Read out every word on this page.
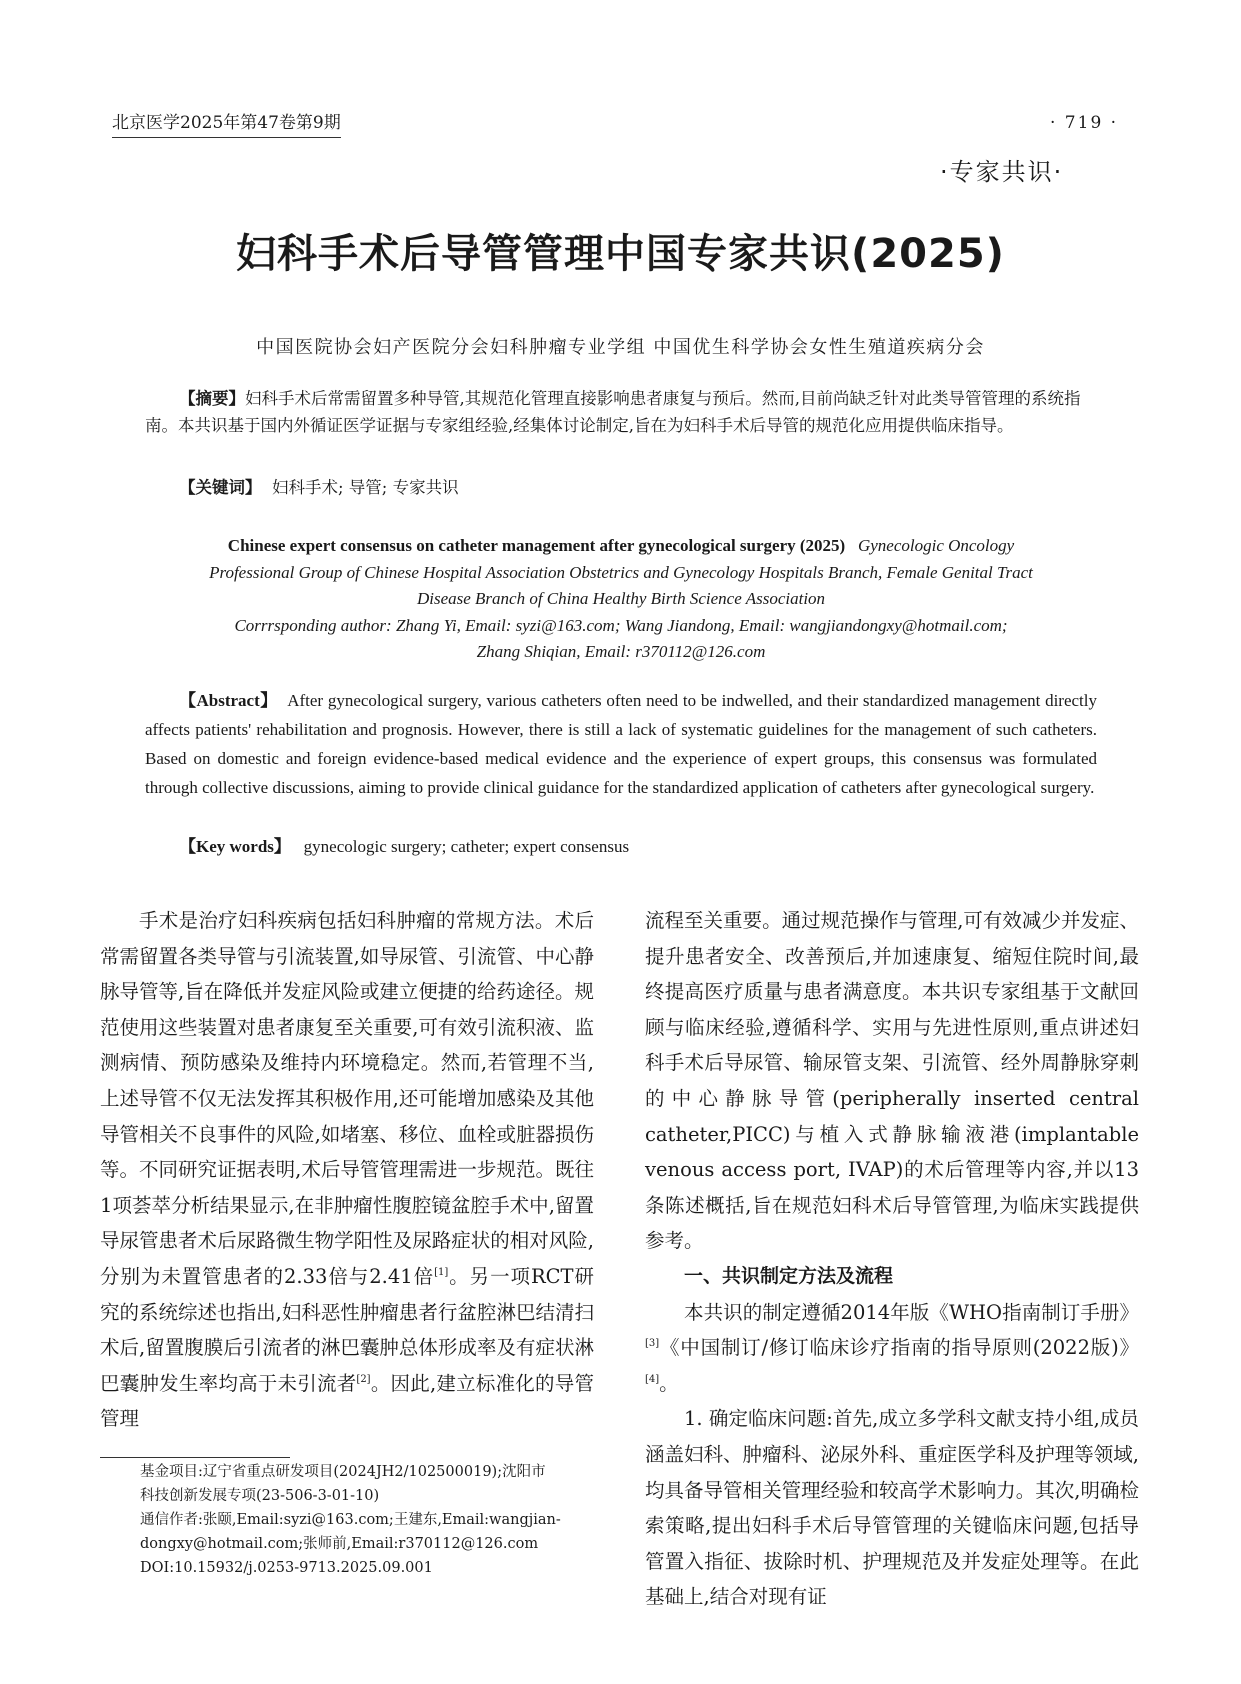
北京医学2025年第47卷第9期	· 719 ·
·专家共识·
妇科手术后导管管理中国专家共识(2025)
中国医院协会妇产医院分会妇科肿瘤专业学组 中国优生科学协会女性生殖道疾病分会
【摘要】妇科手术后常需留置多种导管,其规范化管理直接影响患者康复与预后。然而,目前尚缺乏针对此类导管管理的系统指南。本共识基于国内外循证医学证据与专家组经验,经集体讨论制定,旨在为妇科手术后导管的规范化应用提供临床指导。
【关键词】 妇科手术; 导管; 专家共识
Chinese expert consensus on catheter management after gynecological surgery (2025) Gynecologic Oncology
Professional Group of Chinese Hospital Association Obstetrics and Gynecology Hospitals Branch, Female Genital Tract
Disease Branch of China Healthy Birth Science Association
Corrrsponding author: Zhang Yi, Email: syzi@163.com; Wang Jiandong, Email: wangjiandongxy@hotmail.com;
Zhang Shiqian, Email: r370112@126.com
【Abstract】 After gynecological surgery, various catheters often need to be indwelled, and their standardized management directly affects patients' rehabilitation and prognosis. However, there is still a lack of systematic guidelines for the management of such catheters. Based on domestic and foreign evidence-based medical evidence and the experience of expert groups, this consensus was formulated through collective discussions, aiming to provide clinical guidance for the standardized application of catheters after gynecological surgery.
【Key words】 gynecologic surgery; catheter; expert consensus

手术是治疗妇科疾病包括妇科肿瘤的常规方法。术后常需留置各类导管与引流装置,如导尿管、引流管、中心静脉导管等,旨在降低并发症风险或建立便捷的给药途径。规范使用这些装置对患者康复至关重要,可有效引流积液、监测病情、预防感染及维持内环境稳定。然而,若管理不当,上述导管不仅无法发挥其积极作用,还可能增加感染及其他导管相关不良事件的风险,如堵塞、移位、血栓或脏器损伤等。不同研究证据表明,术后导管管理需进一步规范。既往1项荟萃分析结果显示,在非肿瘤性腹腔镜盆腔手术中,留置导尿管患者术后尿路微生物学阳性及尿路症状的相对风险,分别为未置管患者的2.33倍与2.41倍[1]。另一项RCT研究的系统综述也指出,妇科恶性肿瘤患者行盆腔淋巴结清扫术后,留置腹膜后引流者的淋巴囊肿总体形成率及有症状淋巴囊肿发生率均高于未引流者[2]。因此,建立标准化的导管管理

流程至关重要。通过规范操作与管理,可有效减少并发症、提升患者安全、改善预后,并加速康复、缩短住院时间,最终提高医疗质量与患者满意度。本共识专家组基于文献回顾与临床经验,遵循科学、实用与先进性原则,重点讲述妇科手术后导尿管、输尿管支架、引流管、经外周静脉穿刺的中心静脉导管(peripherally inserted central catheter,PICC)与植入式静脉输液港(implantable venous access port, IVAP)的术后管理等内容,并以13条陈述概括,旨在规范妇科术后导管管理,为临床实践提供参考。

一、共识制定方法及流程

本共识的制定遵循2014年版《WHO指南制订手册》[3]《中国制订/修订临床诊疗指南的指导原则(2022版)》[4]。

1. 确定临床问题:首先,成立多学科文献支持小组,成员涵盖妇科、肿瘤科、泌尿外科、重症医学科及护理等领域,均具备导管相关管理经验和较高学术影响力。其次,明确检索策略,提出妇科手术后导管管理的关键临床问题,包括导管置入指征、拔除时机、护理规范及并发症处理等。在此基础上,结合对现有证

基金项目:辽宁省重点研发项目(2024JH2/102500019);沈阳市

科技创新发展专项(23-506-3-01-10)

通信作者:张颐,Email:syzi@163.com;王建东,Email:wangjian-

dongxy@hotmail.com;张师前,Email:r370112@126.com

DOI:10.15932/j.0253-9713.2025.09.001
